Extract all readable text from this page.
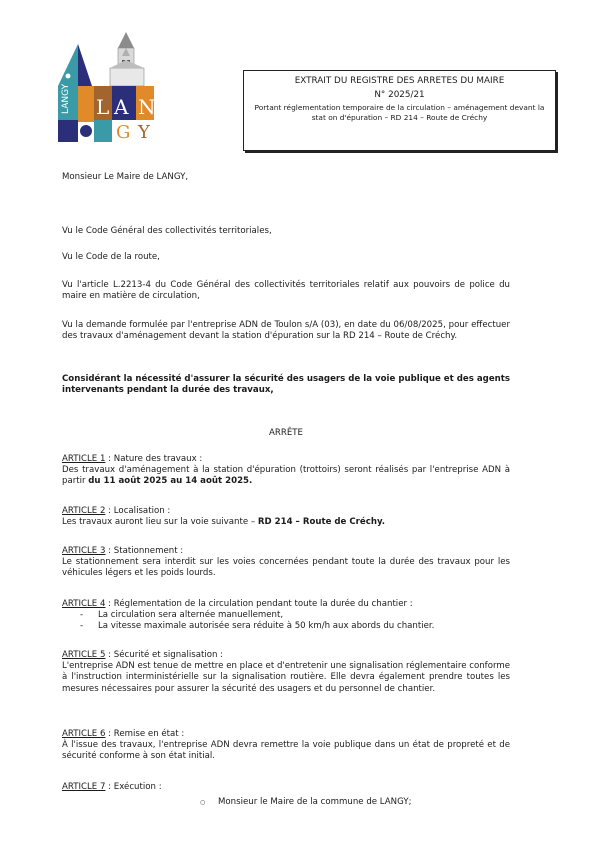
LANGY L A N
G Y
EXTRAIT DU REGISTRE DES ARRETES DU MAIRE
N° 2025/21
Portant réglementation temporaire de la circulation – aménagement devant la stat on d'épuration – RD 214 – Route de Créchy
Monsieur Le Maire de LANGY,
Vu le Code Général des collectivités territoriales,
Vu le Code de la route,
Vu l'article L.2213-4 du Code Général des collectivités territoriales relatif aux pouvoirs de police du maire en matière de circulation,
Vu la demande formulée par l'entreprise ADN de Toulon s/A (03), en date du 06/08/2025, pour effectuer des travaux d'aménagement devant la station d'épuration sur la RD 214 – Route de Créchy.
Considérant la nécessité d'assurer la sécurité des usagers de la voie publique et des agents intervenants pendant la durée des travaux,
ARRÊTE
ARTICLE 1 : Nature des travaux :
Des travaux d'aménagement à la station d'épuration (trottoirs) seront réalisés par l'entreprise ADN à partir du 11 août 2025 au 14 août 2025.
ARTICLE 2 : Localisation :
Les travaux auront lieu sur la voie suivante – RD 214 – Route de Créchy.
ARTICLE 3 : Stationnement :
Le stationnement sera interdit sur les voies concernées pendant toute la durée des travaux pour les véhicules légers et les poids lourds.
ARTICLE 4 : Réglementation de la circulation pendant toute la durée du chantier :
- La circulation sera alternée manuellement,
- La vitesse maximale autorisée sera réduite à 50 km/h aux abords du chantier.
ARTICLE 5 : Sécurité et signalisation :
L'entreprise ADN est tenue de mettre en place et d'entretenir une signalisation réglementaire conforme à l'instruction interministérielle sur la signalisation routière. Elle devra également prendre toutes les mesures nécessaires pour assurer la sécurité des usagers et du personnel de chantier.
ARTICLE 6 : Remise en état :
À l'issue des travaux, l'entreprise ADN devra remettre la voie publique dans un état de propreté et de sécurité conforme à son état initial.
ARTICLE 7 : Exécution :
○ Monsieur le Maire de la commune de LANGY;
